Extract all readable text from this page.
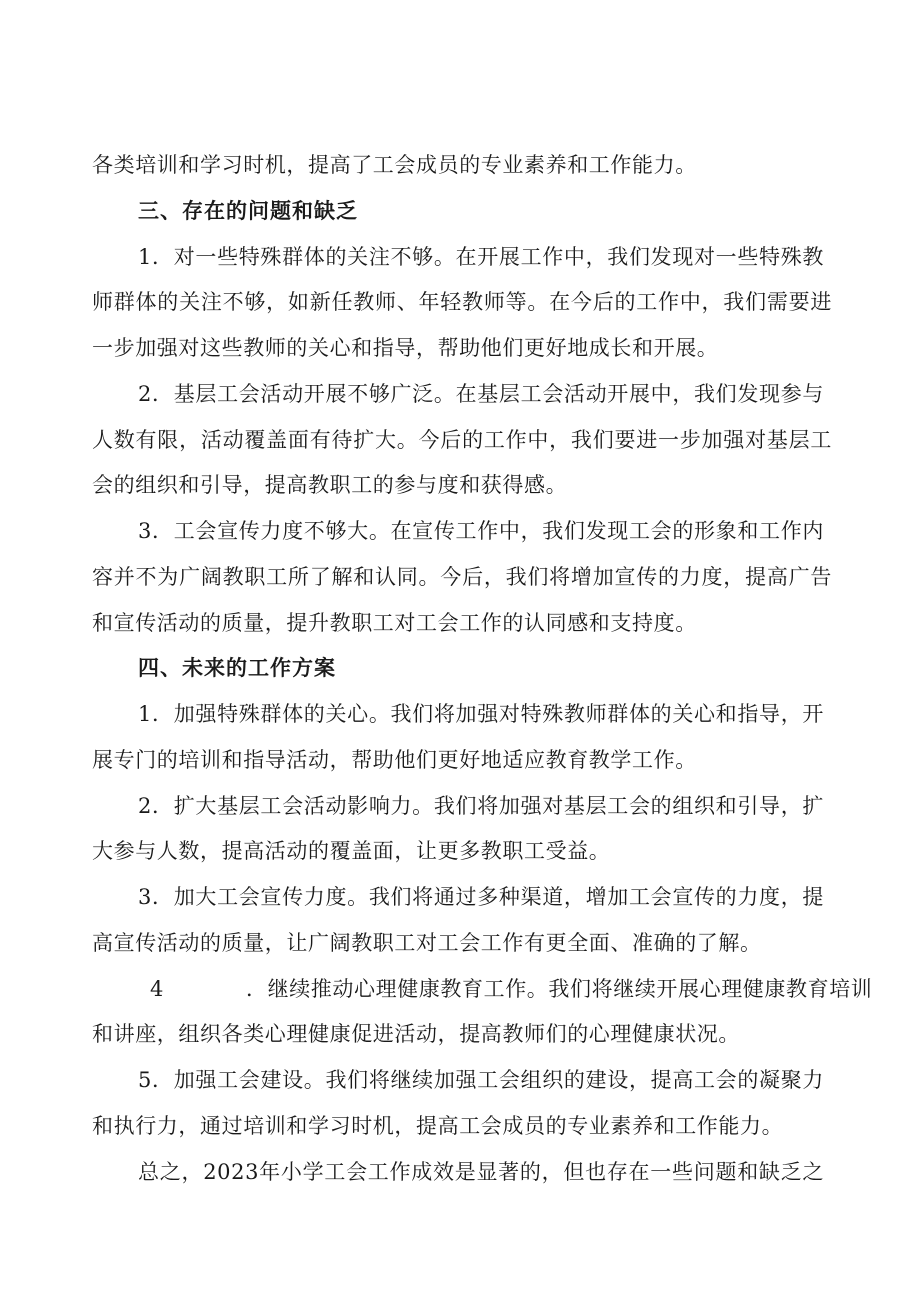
各类培训和学习时机，提高了工会成员的专业素养和工作能力。
三、存在的问题和缺乏
1．对一些特殊群体的关注不够。在开展工作中，我们发现对一些特殊教
师群体的关注不够，如新任教师、年轻教师等。在今后的工作中，我们需要进
一步加强对这些教师的关心和指导，帮助他们更好地成长和开展。
2．基层工会活动开展不够广泛。在基层工会活动开展中，我们发现参与
人数有限，活动覆盖面有待扩大。今后的工作中，我们要进一步加强对基层工
会的组织和引导，提高教职工的参与度和获得感。
3．工会宣传力度不够大。在宣传工作中，我们发现工会的形象和工作内
容并不为广阔教职工所了解和认同。今后，我们将增加宣传的力度，提高广告
和宣传活动的质量，提升教职工对工会工作的认同感和支持度。
四、未来的工作方案
1．加强特殊群体的关心。我们将加强对特殊教师群体的关心和指导，开
展专门的培训和指导活动，帮助他们更好地适应教育教学工作。
2．扩大基层工会活动影响力。我们将加强对基层工会的组织和引导，扩
大参与人数，提高活动的覆盖面，让更多教职工受益。
3．加大工会宣传力度。我们将通过多种渠道，增加工会宣传的力度，提
高宣传活动的质量，让广阔教职工对工会工作有更全面、准确的了解。
4	．继续推动心理健康教育工作。我们将继续开展心理健康教育培训
和讲座，组织各类心理健康促进活动，提高教师们的心理健康状况。
5．加强工会建设。我们将继续加强工会组织的建设，提高工会的凝聚力
和执行力，通过培训和学习时机，提高工会成员的专业素养和工作能力。
总之，2023年小学工会工作成效是显著的，但也存在一些问题和缺乏之
